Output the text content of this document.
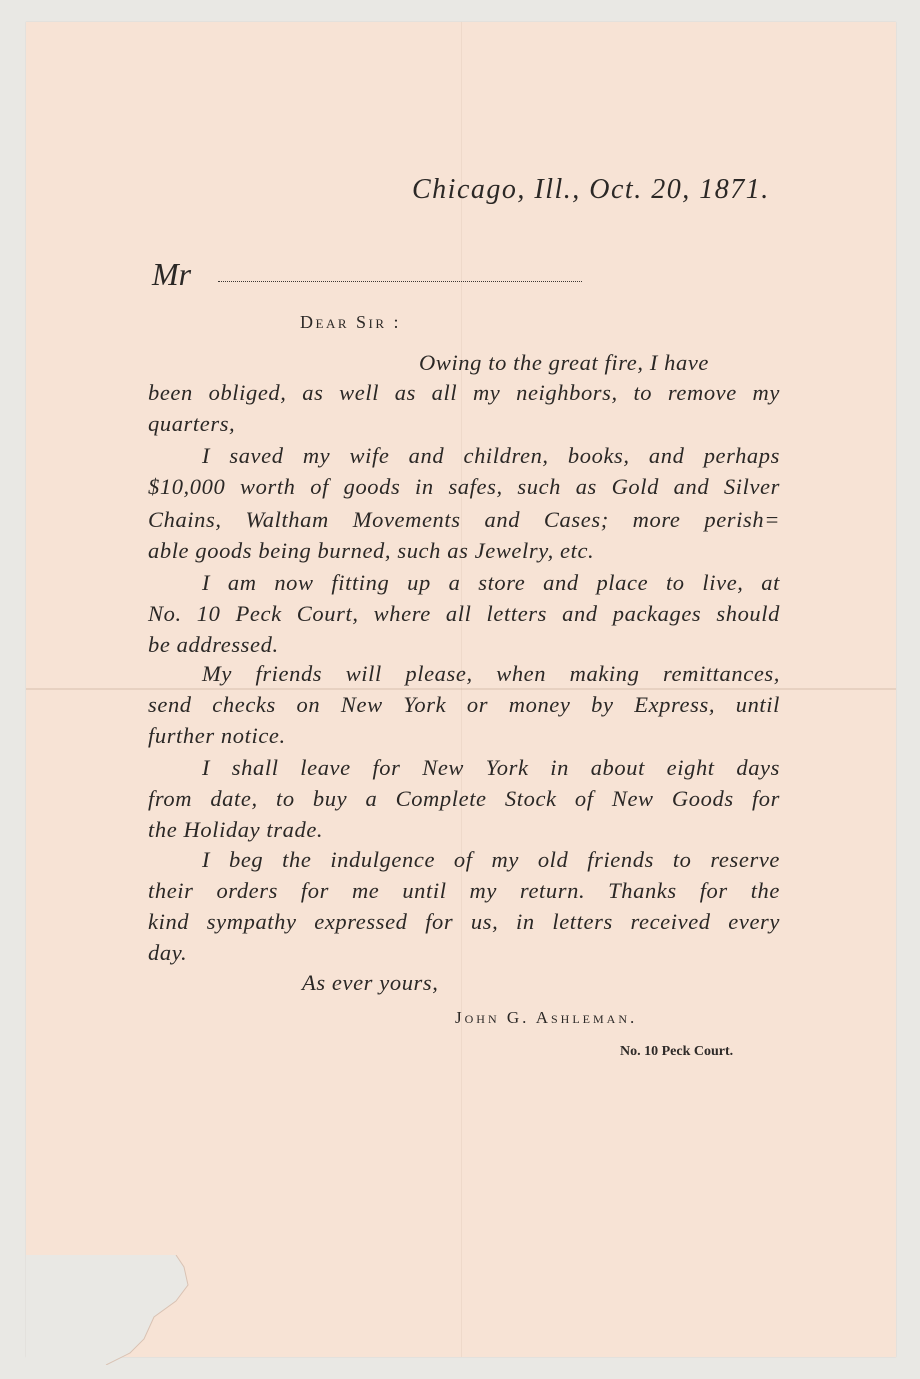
Chicago, Ill., Oct. 20, 1871.
Mr
Dear Sir :
Owing to the great fire, I have
been obliged, as well as all my neighbors, to remove my
quarters,
I saved my wife and children, books, and perhaps
$10,000 worth of goods in safes, such as Gold and Silver
Chains, Waltham Movements and Cases; more perish=
able goods being burned, such as Jewelry, etc.
I am now fitting up a store and place to live, at
No. 10 Peck Court, where all letters and packages should
be addressed.
My friends will please, when making remittances,
send checks on New York or money by Express, until
further notice.
I shall leave for New York in about eight days
from date, to buy a Complete Stock of New Goods for
the Holiday trade.
I beg the indulgence of my old friends to reserve
their orders for me until my return. Thanks for the
kind sympathy expressed for us, in letters received every
day.
As ever yours,
John G. Ashleman.
No. 10 Peck Court.
